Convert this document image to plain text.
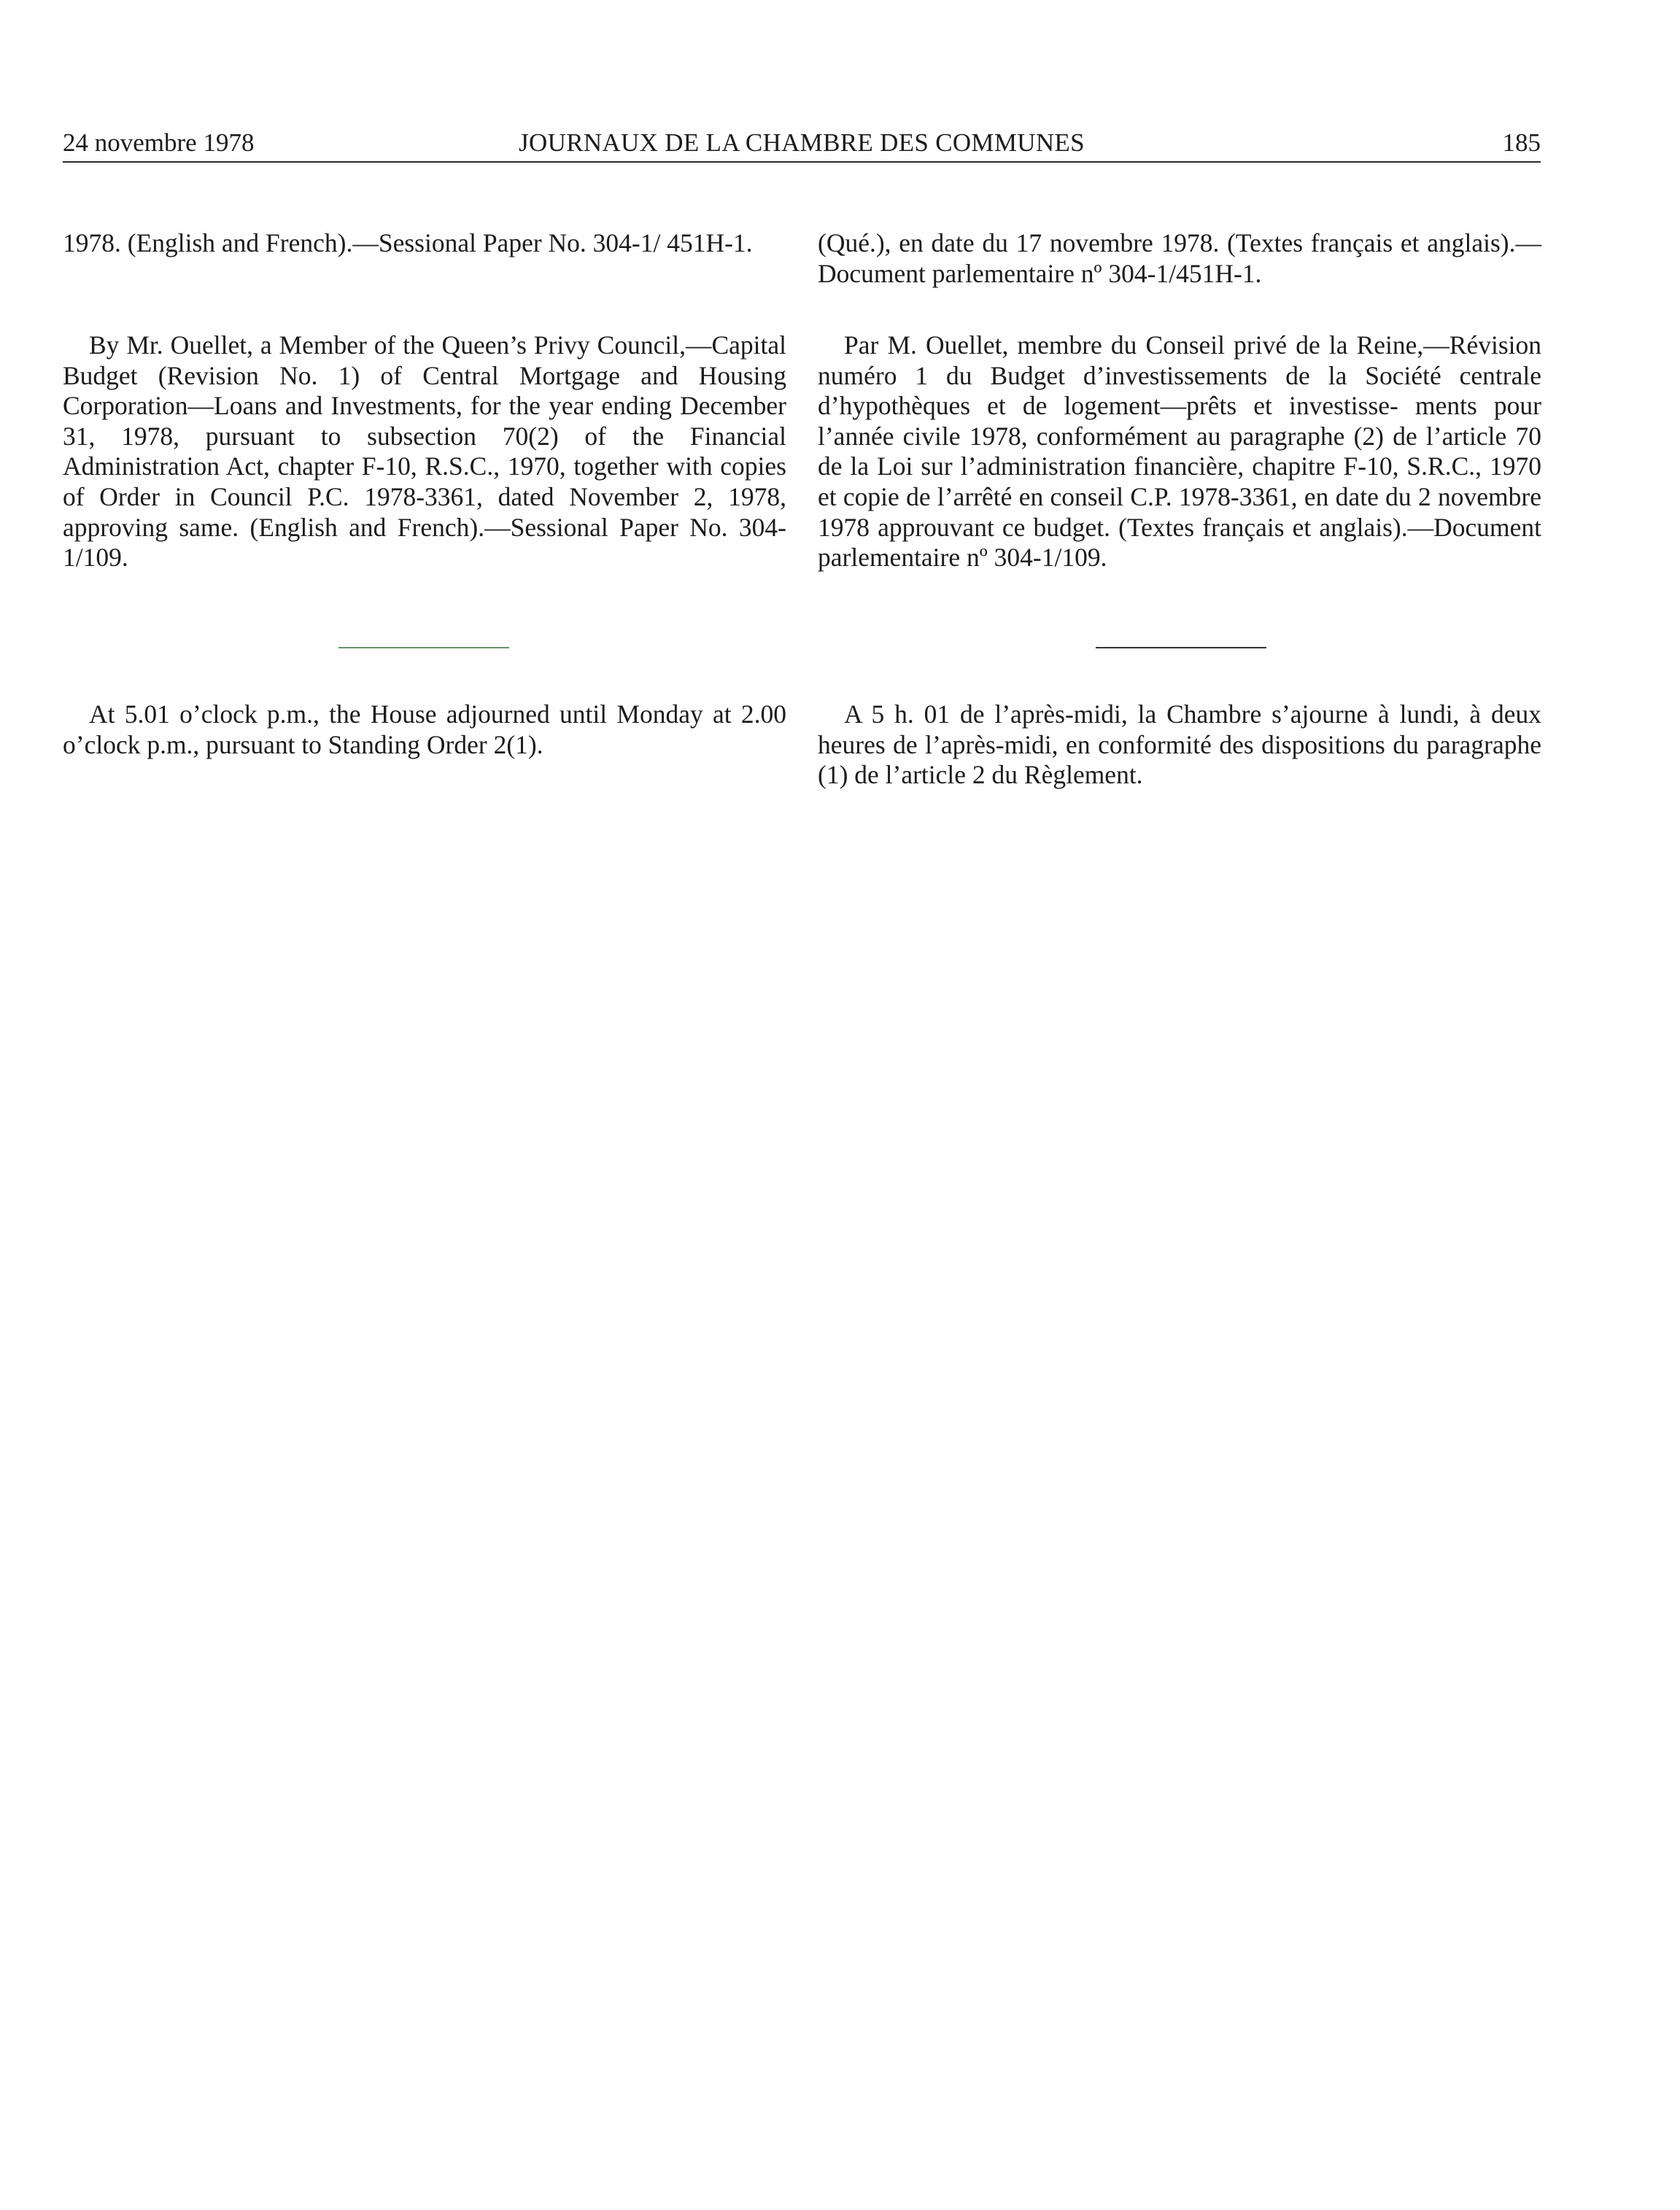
24 novembre 1978	JOURNAUX DE LA CHAMBRE DES COMMUNES	185

1978. (English and French).—Sessional Paper No. 304-1/ 451H-1.

By Mr. Ouellet, a Member of the Queen’s Privy Council,—Capital Budget (Revision No. 1) of Central Mortgage and Housing Corporation—Loans and Investments, for the year ending December 31, 1978, pursuant to subsection 70(2) of the Financial Administration Act, chapter F-10, R.S.C., 1970, together with copies of Order in Council P.C. 1978-3361, dated November 2, 1978, approving same. (English and French).—Sessional Paper No. 304-1/109.

At 5.01 o’clock p.m., the House adjourned until Monday at 2.00 o’clock p.m., pursuant to Standing Order 2(1).

(Qué.), en date du 17 novembre 1978. (Textes français et anglais).—Document parlementaire nº 304-1/451H-1.

Par M. Ouellet, membre du Conseil privé de la Reine,—Révision numéro 1 du Budget d’investissements de la Société centrale d’hypothèques et de logement—prêts et investisse- ments pour l’année civile 1978, conformément au paragraphe (2) de l’article 70 de la Loi sur l’administration financière, chapitre F-10, S.R.C., 1970 et copie de l’arrêté en conseil C.P. 1978-3361, en date du 2 novembre 1978 approuvant ce budget. (Textes français et anglais).—Document parlementaire nº 304-1/109.

A 5 h. 01 de l’après-midi, la Chambre s’ajourne à lundi, à deux heures de l’après-midi, en conformité des dispositions du paragraphe (1) de l’article 2 du Règlement.
